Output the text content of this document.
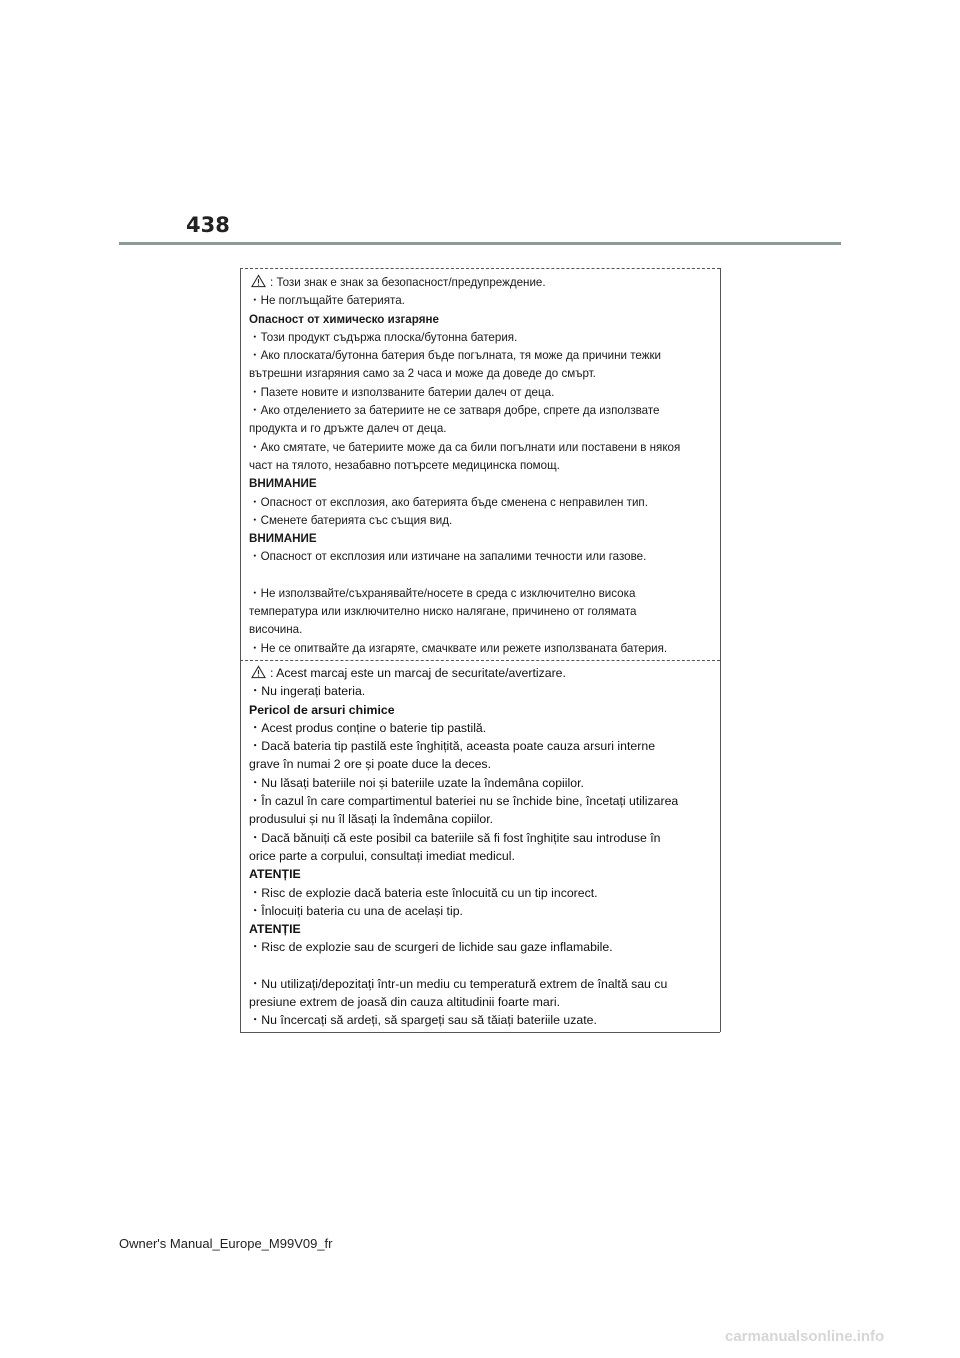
438
: Този знак е знак за безопасност/предупреждение.
・Не поглъщайте батерията.
Опасност от химическо изгаряне
・Този продукт съдържа плоска/бутонна батерия.
・Ако плоската/бутонна батерия бъде погълната, тя може да причини тежки
вътрешни изгаряния само за 2 часа и може да доведе до смърт.
・Пазете новите и използваните батерии далеч от деца.
・Ако отделението за батериите не се затваря добре, спрете да използвате
продукта и го дръжте далеч от деца.
・Ако смятате, че батериите може да са били погълнати или поставени в някоя
част на тялото, незабавно потърсете медицинска помощ.
ВНИМАНИЕ
・Опасност от експлозия, ако батерията бъде сменена с неправилен тип.
・Сменете батерията със същия вид.
ВНИМАНИЕ
・Опасност от експлозия или изтичане на запалими течности или газове.
・Не използвайте/съхранявайте/носете в среда с изключително висока
температура или изключително ниско налягане, причинено от голямата
височина.
・Не се опитвайте да изгаряте, смачквате или режете използваната батерия.
: Acest marcaj este un marcaj de securitate/avertizare.
・Nu ingerați bateria.
Pericol de arsuri chimice
・Acest produs conține o baterie tip pastilă.
・Dacă bateria tip pastilă este înghițită, aceasta poate cauza arsuri interne
grave în numai 2 ore și poate duce la deces.
・Nu lăsați bateriile noi și bateriile uzate la îndemâna copiilor.
・În cazul în care compartimentul bateriei nu se închide bine, încetați utilizarea
produsului și nu îl lăsați la îndemâna copiilor.
・Dacă bănuiți că este posibil ca bateriile să fi fost înghițite sau introduse în
orice parte a corpului, consultați imediat medicul.
ATENȚIE
・Risc de explozie dacă bateria este înlocuită cu un tip incorect.
・Înlocuiți bateria cu una de același tip.
ATENȚIE
・Risc de explozie sau de scurgeri de lichide sau gaze inflamabile.
・Nu utilizați/depozitați într-un mediu cu temperatură extrem de înaltă sau cu
presiune extrem de joasă din cauza altitudinii foarte mari.
・Nu încercați să ardeți, să spargeți sau să tăiați bateriile uzate.
Owner's Manual_Europe_M99V09_fr
carmanualsonline.info
